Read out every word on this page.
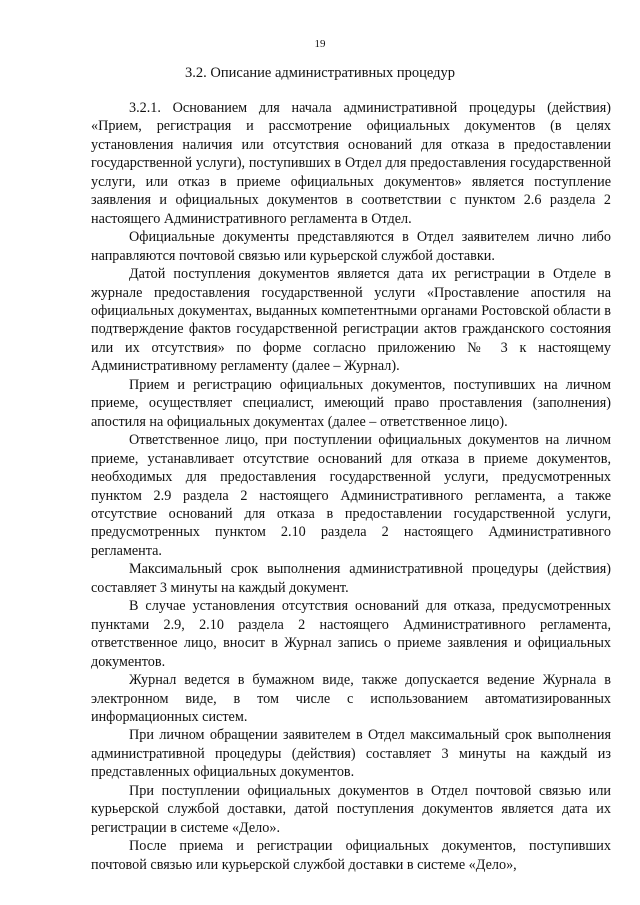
19
3.2. Описание административных процедур

3.2.1. Основанием для начала административной процедуры (действия) «Прием, регистрация и рассмотрение официальных документов (в целях установления наличия или отсутствия оснований для отказа в предоставлении государственной услуги), поступивших в Отдел для предоставления государственной услуги, или отказ в приеме официальных документов» является поступление заявления и официальных документов в соответствии с пунктом 2.6 раздела 2 настоящего Административного регламента в Отдел.

Официальные документы представляются в Отдел заявителем лично либо направляются почтовой связью или курьерской службой доставки.

Датой поступления документов является дата их регистрации в Отделе в журнале предоставления государственной услуги «Проставление апостиля на официальных документах, выданных компетентными органами Ростовской области в подтверждение фактов государственной регистрации актов гражданского состояния или их отсутствия» по форме согласно приложению № 3 к настоящему Административному регламенту (далее – Журнал).

Прием и регистрацию официальных документов, поступивших на личном приеме, осуществляет специалист, имеющий право проставления (заполнения) апостиля на официальных документах (далее – ответственное лицо).

Ответственное лицо, при поступлении официальных документов на личном приеме, устанавливает отсутствие оснований для отказа в приеме документов, необходимых для предоставления государственной услуги, предусмотренных пунктом 2.9 раздела 2 настоящего Административного регламента, а также отсутствие оснований для отказа в предоставлении государственной услуги, предусмотренных пунктом 2.10 раздела 2 настоящего Административного регламента.

Максимальный срок выполнения административной процедуры (действия) составляет 3 минуты на каждый документ.

В случае установления отсутствия оснований для отказа, предусмотренных пунктами 2.9, 2.10 раздела 2 настоящего Административного регламента, ответственное лицо, вносит в Журнал запись о приеме заявления и официальных документов.

Журнал ведется в бумажном виде, также допускается ведение Журнала в электронном виде, в том числе с использованием автоматизированных информационных систем.

При личном обращении заявителем в Отдел максимальный срок выполнения административной процедуры (действия) составляет 3 минуты на каждый из представленных официальных документов.

При поступлении официальных документов в Отдел почтовой связью или курьерской службой доставки, датой поступления документов является дата их регистрации в системе «Дело».

После приема и регистрации официальных документов, поступивших почтовой связью или курьерской службой доставки в системе «Дело»,
